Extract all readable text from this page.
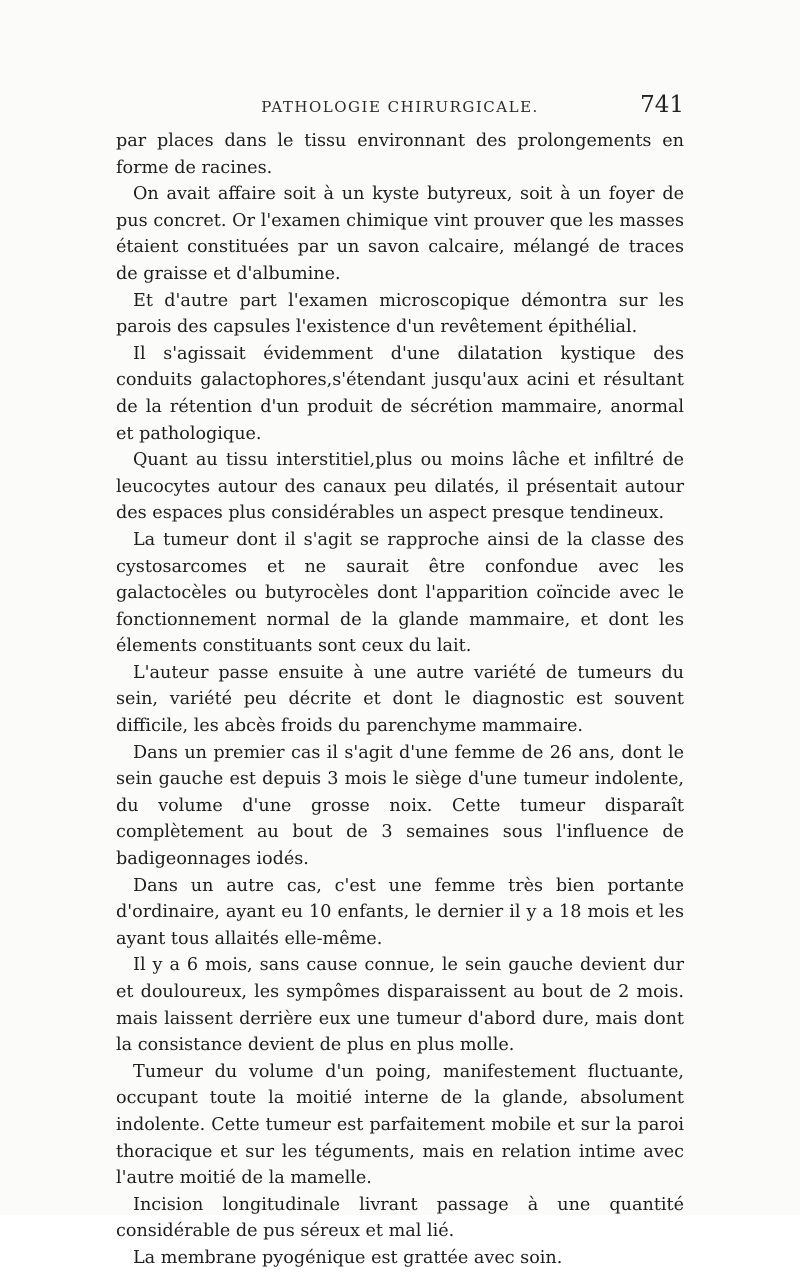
PATHOLOGIE CHIRURGICALE.	741

par places dans le tissu environnant des prolongements en forme de racines.

On avait affaire soit à un kyste butyreux, soit à un foyer de pus concret. Or l'examen chimique vint prouver que les masses étaient constituées par un savon calcaire, mélangé de traces de graisse et d'albumine.

Et d'autre part l'examen microscopique démontra sur les parois des capsules l'existence d'un revêtement épithélial.

Il s'agissait évidemment d'une dilatation kystique des conduits galactophores,s'étendant jusqu'aux acini et résultant de la rétention d'un produit de sécrétion mammaire, anormal et pathologique.

Quant au tissu interstitiel,plus ou moins lâche et infiltré de leucocytes autour des canaux peu dilatés, il présentait autour des espaces plus considérables un aspect presque tendineux.

La tumeur dont il s'agit se rapproche ainsi de la classe des cystosarcomes et ne saurait être confondue avec les galactocèles ou butyrocèles dont l'apparition coïncide avec le fonctionnement normal de la glande mammaire, et dont les élements constituants sont ceux du lait.

L'auteur passe ensuite à une autre variété de tumeurs du sein, variété peu décrite et dont le diagnostic est souvent difficile, les abcès froids du parenchyme mammaire.

Dans un premier cas il s'agit d'une femme de 26 ans, dont le sein gauche est depuis 3 mois le siège d'une tumeur indolente, du volume d'une grosse noix. Cette tumeur disparaît complètement au bout de 3 semaines sous l'influence de badigeonnages iodés.

Dans un autre cas, c'est une femme très bien portante d'ordinaire, ayant eu 10 enfants, le dernier il y a 18 mois et les ayant tous allaités elle-même.

Il y a 6 mois, sans cause connue, le sein gauche devient dur et douloureux, les sympômes disparaissent au bout de 2 mois. mais laissent derrière eux une tumeur d'abord dure, mais dont la consistance devient de plus en plus molle.

Tumeur du volume d'un poing, manifestement fluctuante, occupant toute la moitié interne de la glande, absolument indolente. Cette tumeur est parfaitement mobile et sur la paroi thoracique et sur les téguments, mais en relation intime avec l'autre moitié de la mamelle.

Incision longitudinale livrant passage à une quantité considérable de pus séreux et mal lié.

La membrane pyogénique est grattée avec soin.
